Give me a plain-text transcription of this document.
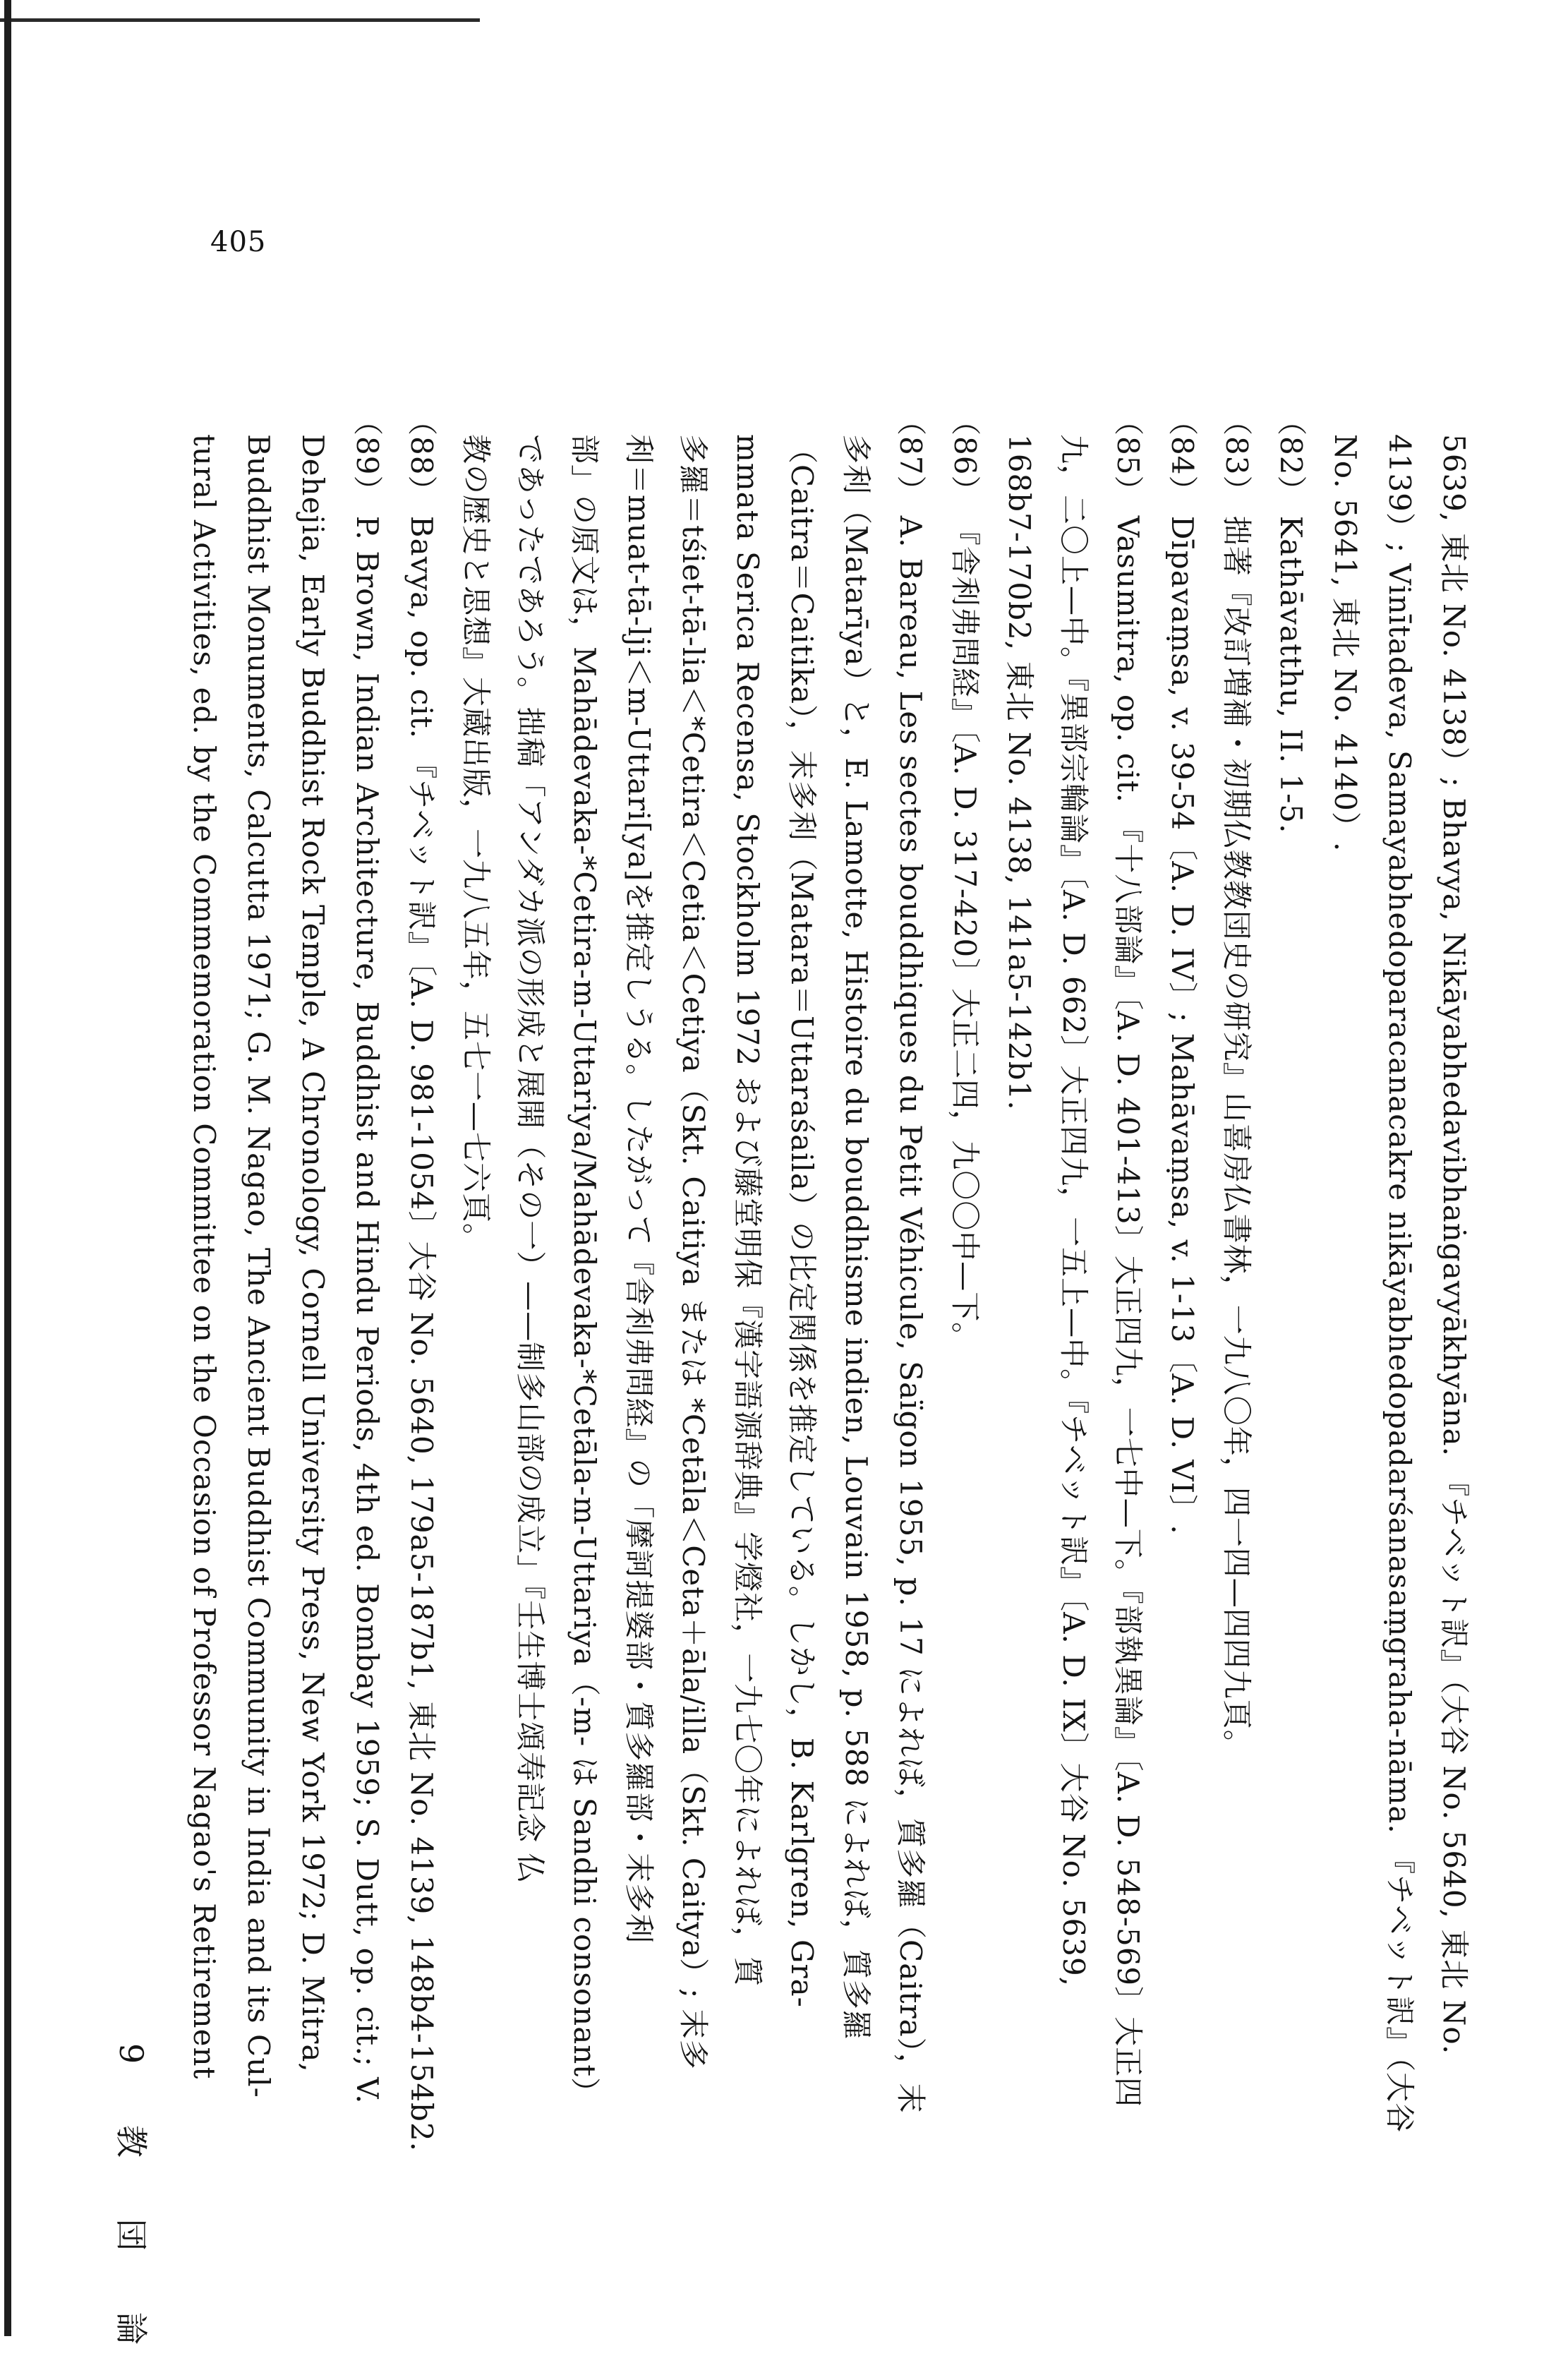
405
5639, 東北 No. 4138）; Bhavya, Nikāyabhedavibhaṅgavyākhyāna. 『チベット訳』（大谷 No. 5640, 東北 No.
4139）; Vinītadeva, Samayabhedoparacanacakre nikāyabhedopadarśanasaṃgraha-nāma. 『チベット訳』（大谷
No. 5641, 東北 No. 4140）.
（82） Kathāvatthu, II. 1-5.
（83） 拙著『改訂増補・初期仏教教団史の研究』山喜房仏書林，一九八〇年，四一四—四四九頁。
（84） Dīpavaṃsa, v. 39-54〔A. D. IV〕; Mahāvaṃsa, v. 1-13〔A. D. VI〕.
（85） Vasumitra, op. cit. 『十八部論』〔A. D. 401-413〕大正四九，一七中—下。『部執異論』〔A. D. 548-569〕大正四
九，二〇上—中。『異部宗輪論』〔A. D. 662〕大正四九，一五上—中。『チベット訳』〔A. D. IX〕大谷 No. 5639,
168b7-170b2, 東北 No. 4138, 141a5-142b1.
（86） 『舎利弗問経』〔A. D. 317-420〕大正二四，九〇〇中—下。
（87） A. Bareau, Les sectes bouddhiques du Petit Véhicule, Saïgon 1955, p. 17 によれば，質多羅（Caitra），末
多利（Matarīya）と，E. Lamotte, Histoire du bouddhisme indien, Louvain 1958, p. 588 によれば，質多羅
（Caitra＝Caitika），末多利（Matara＝Uttaraśaila）の比定関係を推定している。しかし，B. Karlgren, Gra-
mmata Serica Recensa, Stockholm 1972 および藤堂明保『漢字語源辞典』学燈社，一九七〇年によれば，質
多羅＝tśiet-tā-lia＜*Cetira＜Cetia＜Cetiya（Skt. Caitiya または *Cetāla＜Ceta＋āla/illa（Skt. Caitya）; 末多
利＝muat-tā-lji＜m-Uttari[ya]を推定しうる。したがって『舎利弗問経』の「摩訶提婆部・質多羅部・末多利
部」の原文は，Mahādevaka-*Cetira-m-Uttariya/Mahādevaka-*Cetāla-m-Uttariya（-m- は Sandhi consonant）
であったであろう。拙稿「アンダカ派の形成と展開（その一）——制多山部の成立」『壬生博士頌寿記念 仏
教の歴史と思想』大蔵出版，一九八五年，五七一—七六頁。
（88） Bavya, op. cit. 『チベット訳』〔A. D. 981-1054〕大谷 No. 5640, 179a5-187b1, 東北 No. 4139, 148b4-154b2.
（89） P. Brown, Indian Architecture, Buddhist and Hindu Periods, 4th ed. Bombay 1959; S. Dutt, op. cit.; V.
Dehejia, Early Buddhist Rock Temple, A Chronology, Cornell University Press, New York 1972; D. Mitra,
Buddhist Monuments, Calcutta 1971; G. M. Nagao, The Ancient Buddhist Community in India and its Cul-
tural Activities, ed. by the Commemoration Committee on the Occasion of Professor Nagao's Retirement
9 教 団 論
